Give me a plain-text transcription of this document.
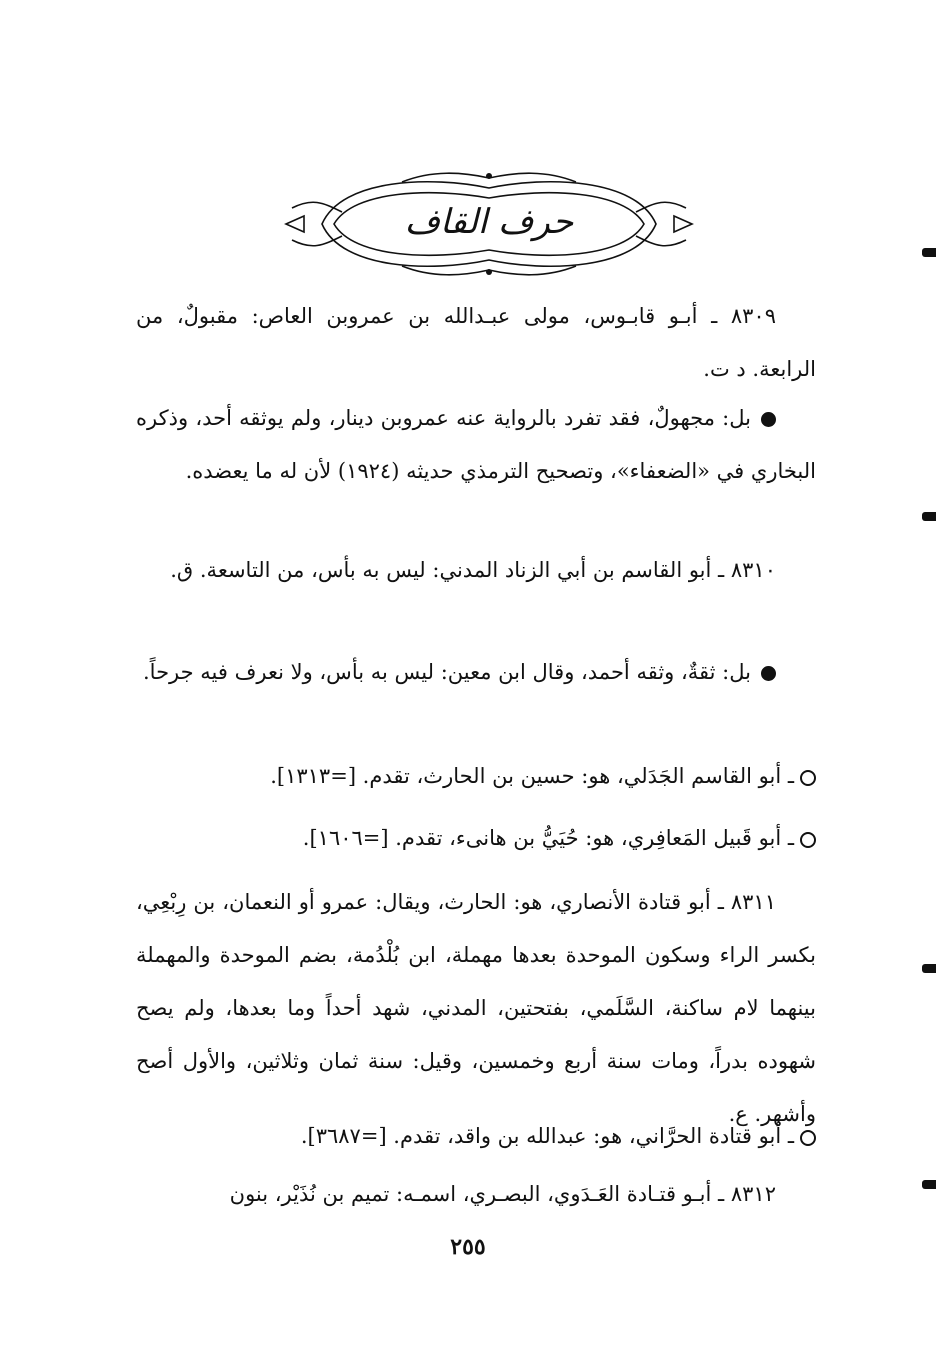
حرف القاف
٨٣٠٩ ـ أبـو قابـوس، مولى عبـدالله بن عمروبن العاص: مقبولٌ، من الرابعة. د ت.
بل: مجهولٌ، فقد تفرد بالرواية عنه عمروبن دينار، ولم يوثقه أحد، وذكره البخاري في «الضعفاء»، وتصحيح الترمذي حديثه (١٩٢٤) لأن له ما يعضده.
٨٣١٠ ـ أبو القاسم بن أبي الزناد المدني: ليس به بأس، من التاسعة. ق.
بل: ثقةٌ، وثقه أحمد، وقال ابن معين: ليس به بأس، ولا نعرف فيه جرحاً.
ـ أبو القاسم الجَدَلي، هو: حسين بن الحارث، تقدم. [=١٣١٣].
ـ أبو قَبيل المَعافِري، هو: حُيَيُّ بن هانىء، تقدم. [=١٦٠٦].
٨٣١١ ـ أبو قتادة الأنصاري، هو: الحارث، ويقال: عمرو أو النعمان، بن رِبْعِي، بكسر الراء وسكون الموحدة بعدها مهملة، ابن بُلْدُمة، بضم الموحدة والمهملة بينهما لام ساكنة، السَّلَمي، بفتحتين، المدني، شهد أحداً وما بعدها، ولم يصح شهوده بدراً، ومات سنة أربع وخمسين، وقيل: سنة ثمان وثلاثين، والأول أصح وأشهر. ع.
ـ أبو قتادة الحرَّاني، هو: عبدالله بن واقد، تقدم. [=٣٦٨٧].
٨٣١٢ ـ أبـو قتـادة العَـدَوي، البصـري، اسمـه: تميم بن نُذَيْر، بنون
٢٥٥
